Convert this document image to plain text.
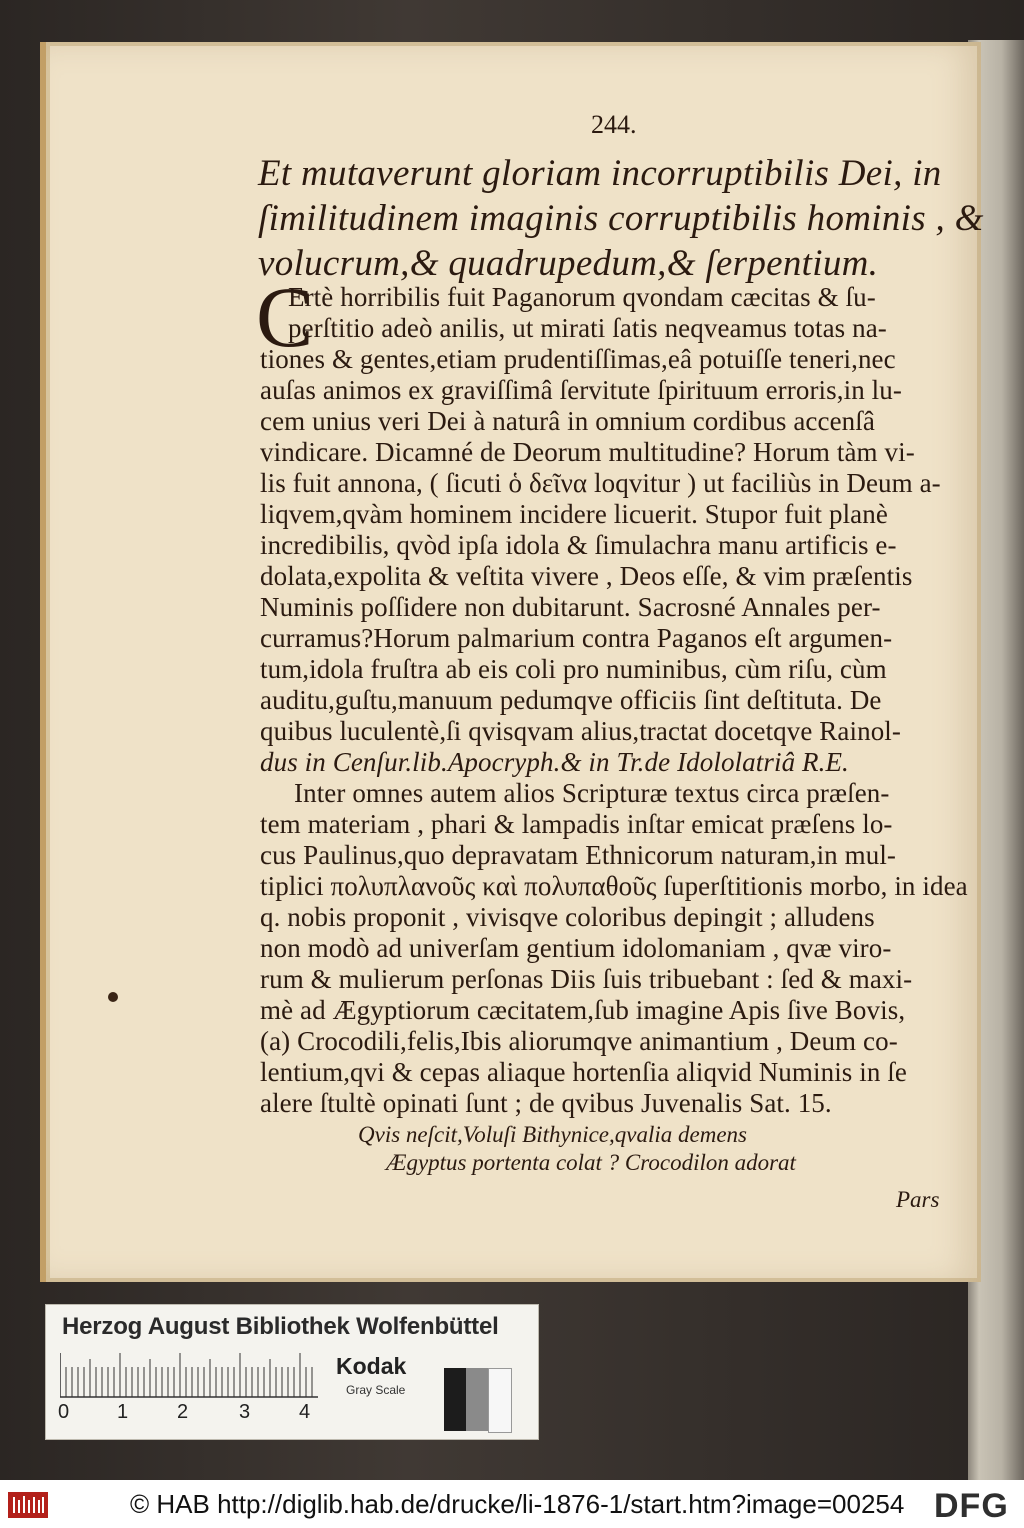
244.
Et mutaverunt gloriam incorruptibilis Dei, in
ſimilitudinem imaginis corruptibilis hominis , &
volucrum,& quadrupedum,& ſerpentium.
C
Ertè horribilis fuit Paganorum qvondam cæcitas & ſu-
perſtitio adeò anilis, ut mirati ſatis neqveamus totas na-
tiones & gentes,etiam prudentiſſimas,eâ potuiſſe teneri,nec
auſas animos ex graviſſimâ ſervitute ſpirituum erroris,in lu-
cem unius veri Dei à naturâ in omnium cordibus accenſâ
vindicare. Dicamné de Deorum multitudine? Horum tàm vi-
lis fuit annona, ( ſicuti ὁ δεῖνα loqvitur ) ut faciliùs in Deum a-
liqvem,qvàm hominem incidere licuerit. Stupor fuit planè
incredibilis, qvòd ipſa idola & ſimulachra manu artificis e-
dolata,expolita & veſtita vivere , Deos eſſe, & vim præſentis
Numinis poſſidere non dubitarunt. Sacrosné Annales per-
curramus?Horum palmarium contra Paganos eſt argumen-
tum,idola fruſtra ab eis coli pro numinibus, cùm riſu, cùm
auditu,guſtu,manuum pedumqve officiis ſint deſtituta. De
quibus luculentè,ſi qvisqvam alius,tractat docetqve Rainol-
dus in Cenſur.lib.Apocryph.& in Tr.de Idololatriâ R.E.
Inter omnes autem alios Scripturæ textus circa præſen-
tem materiam , phari & lampadis inſtar emicat præſens lo-
cus Paulinus,quo depravatam Ethnicorum naturam,in mul-
tiplici πολυπλανοῦς καὶ πολυπαθοῦς ſuperſtitionis morbo, in idea
q. nobis proponit , vivisqve coloribus depingit ; alludens
non modò ad univerſam gentium idolomaniam , qvæ viro-
rum & mulierum perſonas Diis ſuis tribuebant : ſed & maxi-
mè ad Ægyptiorum cæcitatem,ſub imagine Apis ſive Bovis,
(a) Crocodili,felis,Ibis aliorumqve animantium , Deum co-
lentium,qvi & cepas aliaque hortenſia aliqvid Numinis in ſe
alere ſtultè opinati ſunt ; de qvibus Juvenalis Sat. 15.
Qvis neſcit,Voluſi Bithynice,qvalia demens
Ægyptus portenta colat ? Crocodilon adorat
Pars
Herzog August Bibliothek Wolfenbüttel
0 1 2	3 4
Kodak
Gray Scale
© HAB http://diglib.hab.de/drucke/li-1876-1/start.htm?image=00254 DFG
